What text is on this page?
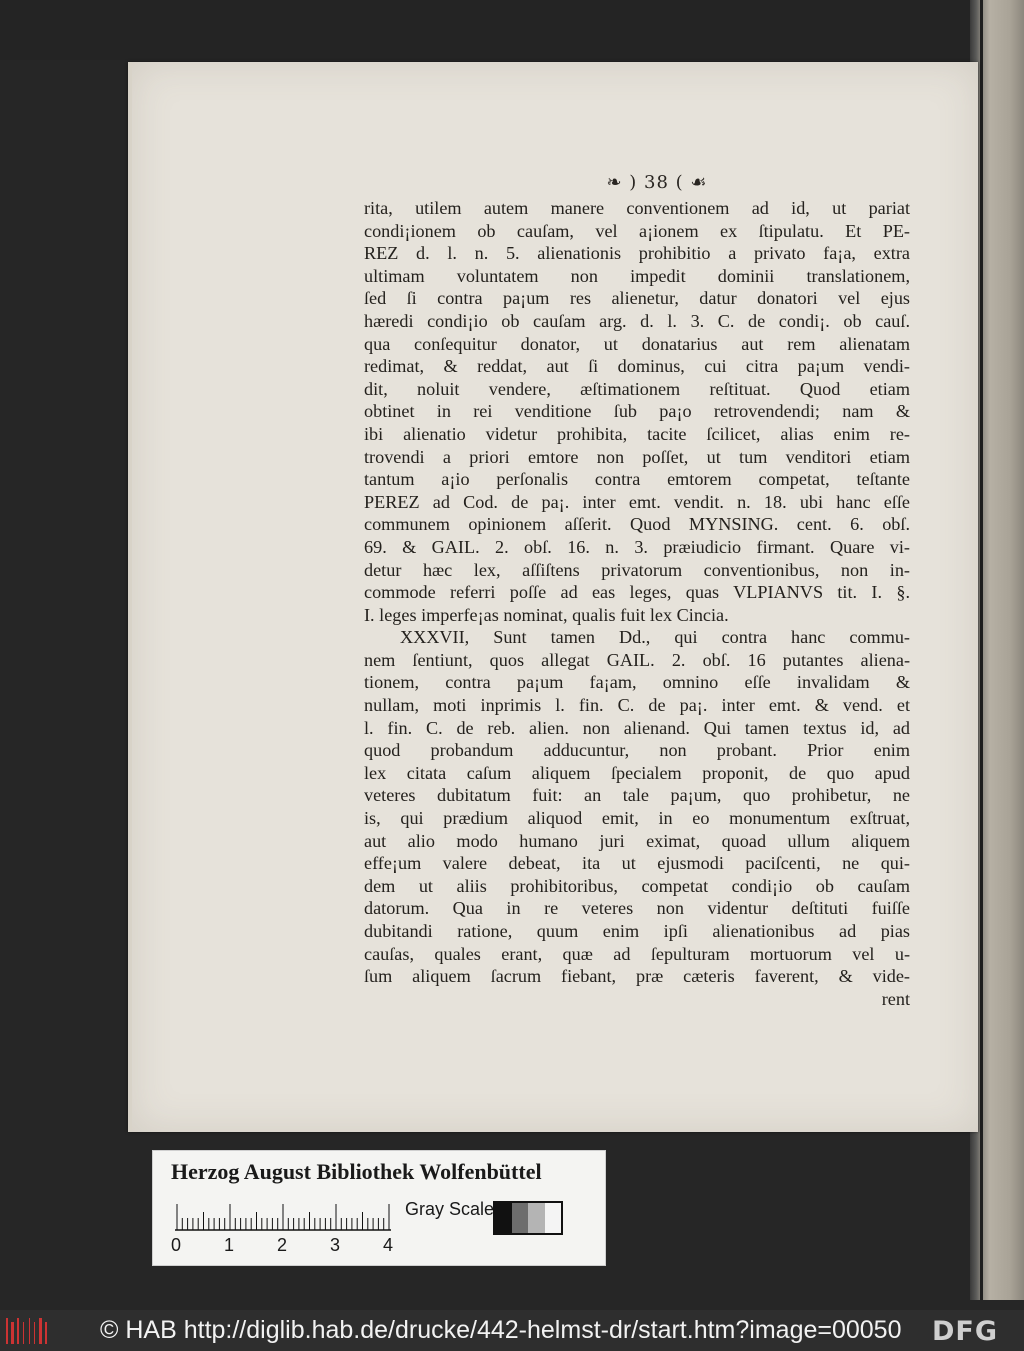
❧ ) 38 ( ☙
rita, utilem autem manere conventionem ad id, ut pariat
condi¡ionem ob cauſam, vel a¡ionem ex ſtipulatu. Et PE-
REZ d. l. n. 5. alienationis prohibitio a privato fa¡a, extra
ultimam voluntatem non impedit dominii translationem,
ſed ſi contra pa¡um res alienetur, datur donatori vel ejus
hæredi condi¡io ob cauſam arg. d. l. 3. C. de condi¡. ob cauſ.
qua conſequitur donator, ut donatarius aut rem alienatam
redimat, & reddat, aut ſi dominus, cui citra pa¡um vendi-
dit, noluit vendere, æſtimationem reſtituat. Quod etiam
obtinet in rei venditione ſub pa¡o retrovendendi; nam &
ibi alienatio videtur prohibita, tacite ſcilicet, alias enim re-
trovendi a priori emtore non poſſet, ut tum venditori etiam
tantum a¡io perſonalis contra emtorem competat, teſtante
PEREZ ad Cod. de pa¡. inter emt. vendit. n. 18. ubi hanc eſſe
communem opinionem aſſerit. Quod MYNSING. cent. 6. obſ.
69. & GAIL. 2. obſ. 16. n. 3. præiudicio firmant. Quare vi-
detur hæc lex, aſſiſtens privatorum conventionibus, non in-
commode referri poſſe ad eas leges, quas VLPIANVS tit. I. §.
I. leges imperfe¡as nominat, qualis fuit lex Cincia.
XXXVII, Sunt tamen Dd., qui contra hanc commu-
nem ſentiunt, quos allegat GAIL. 2. obſ. 16 putantes aliena-
tionem, contra pa¡um fa¡am, omnino eſſe invalidam &
nullam, moti inprimis l. fin. C. de pa¡. inter emt. & vend. et
l. fin. C. de reb. alien. non alienand. Qui tamen textus id, ad
quod probandum adducuntur, non probant. Prior enim
lex citata caſum aliquem ſpecialem proponit, de quo apud
veteres dubitatum fuit: an tale pa¡um, quo prohibetur, ne
is, qui prædium aliquod emit, in eo monumentum exſtruat,
aut alio modo humano juri eximat, quoad ullum aliquem
effe¡um valere debeat, ita ut ejusmodi paciſcenti, ne qui-
dem ut aliis prohibitoribus, competat condi¡io ob cauſam
datorum. Qua in re veteres non videntur deſtituti fuiſſe
dubitandi ratione, quum enim ipſi alienationibus ad pias
cauſas, quales erant, quæ ad ſepulturam mortuorum vel u-
ſum aliquem ſacrum fiebant, præ cæteris faverent, & vide-
rent
Herzog August Bibliothek Wolfenbüttel
Gray Scale
0 1 2 3 4
© HAB http://diglib.hab.de/drucke/442-helmst-dr/start.htm?image=00050 DFG
